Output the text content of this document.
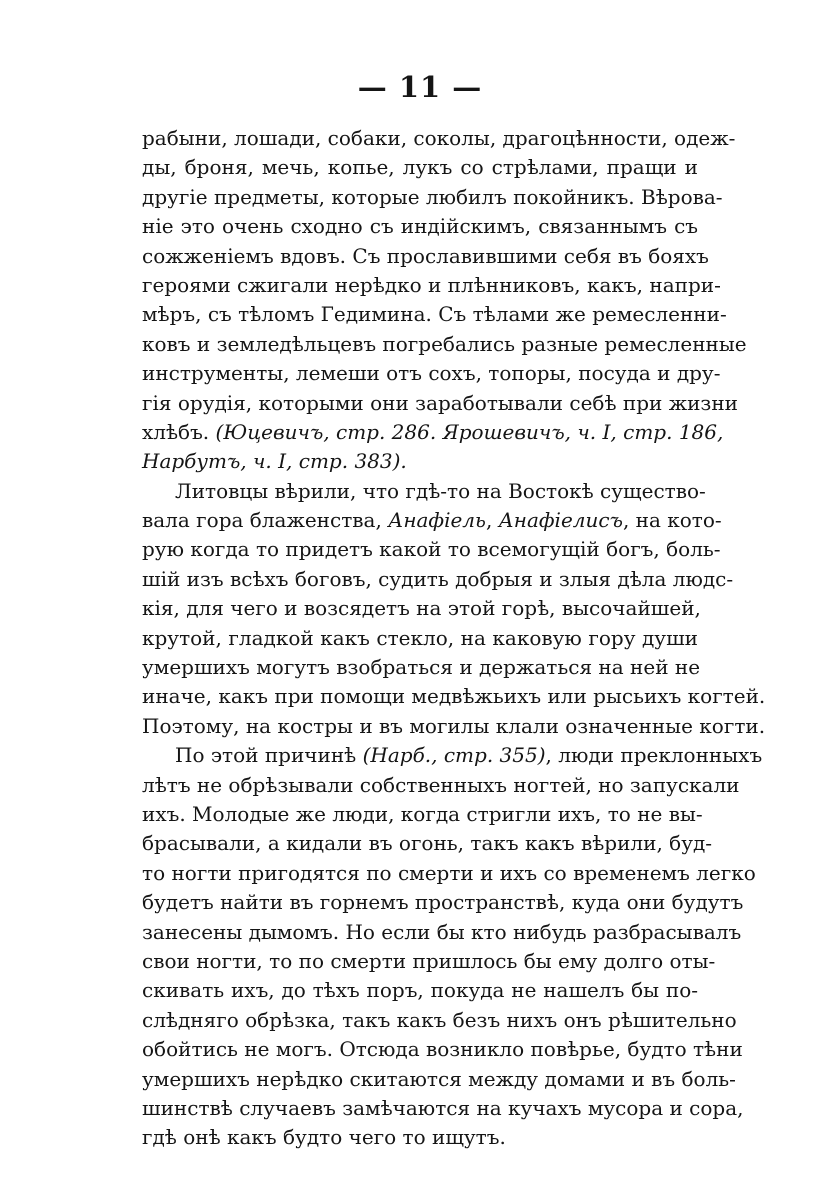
— 11 —
рабыни, лошади, собаки, соколы, драгоцѣнности, одеж-
ды, броня, мечь, копье, лукъ со стрѣлами, пращи и
другіе предметы, которые любилъ покойникъ. Вѣрова-
ніе это очень сходно съ индійскимъ, связаннымъ съ
сожженіемъ вдовъ. Съ прославившими себя въ бояхъ
героями сжигали нерѣдко и плѣнниковъ, какъ, напри-
мѣръ, съ тѣломъ Гедимина. Съ тѣлами же ремесленни-
ковъ и земледѣльцевъ погребались разные ремесленные
инструменты, лемеши отъ сохъ, топоры, посуда и дру-
гія орудія, которыми они заработывали себѣ при жизни
хлѣбъ. (Юцевичъ, стр. 286. Ярошевичъ, ч. I, стр. 186,
Нарбутъ, ч. I, стр. 383).
Литовцы вѣрили, что гдѣ-то на Востокѣ существо-
вала гора блаженства, Анафіель, Анафіелисъ, на кото-
рую когда то придетъ какой то всемогущій богъ, боль-
шій изъ всѣхъ боговъ, судить добрыя и злыя дѣла людс-
кія, для чего и возсядетъ на этой горѣ, высочайшей,
крутой, гладкой какъ стекло, на каковую гору души
умершихъ могутъ взобраться и держаться на ней не
иначе, какъ при помощи медвѣжьихъ или рысьихъ когтей.
Поэтому, на костры и въ могилы клали означенные когти.
По этой причинѣ (Нарб., стр. 355), люди преклонныхъ
лѣтъ не обрѣзывали собственныхъ ногтей, но запускали
ихъ. Молодые же люди, когда стригли ихъ, то не вы-
брасывали, а кидали въ огонь, такъ какъ вѣрили, буд-
то ногти пригодятся по смерти и ихъ со временемъ легко
будетъ найти въ горнемъ пространствѣ, куда они будутъ
занесены дымомъ. Но если бы кто нибудь разбрасывалъ
свои ногти, то по смерти пришлось бы ему долго оты-
скивать ихъ, до тѣхъ поръ, покуда не нашелъ бы по-
слѣдняго обрѣзка, такъ какъ безъ нихъ онъ рѣшительно
обойтись не могъ. Отсюда возникло повѣрье, будто тѣни
умершихъ нерѣдко скитаются между домами и въ боль-
шинствѣ случаевъ замѣчаются на кучахъ мусора и сора,
гдѣ онѣ какъ будто чего то ищутъ.
